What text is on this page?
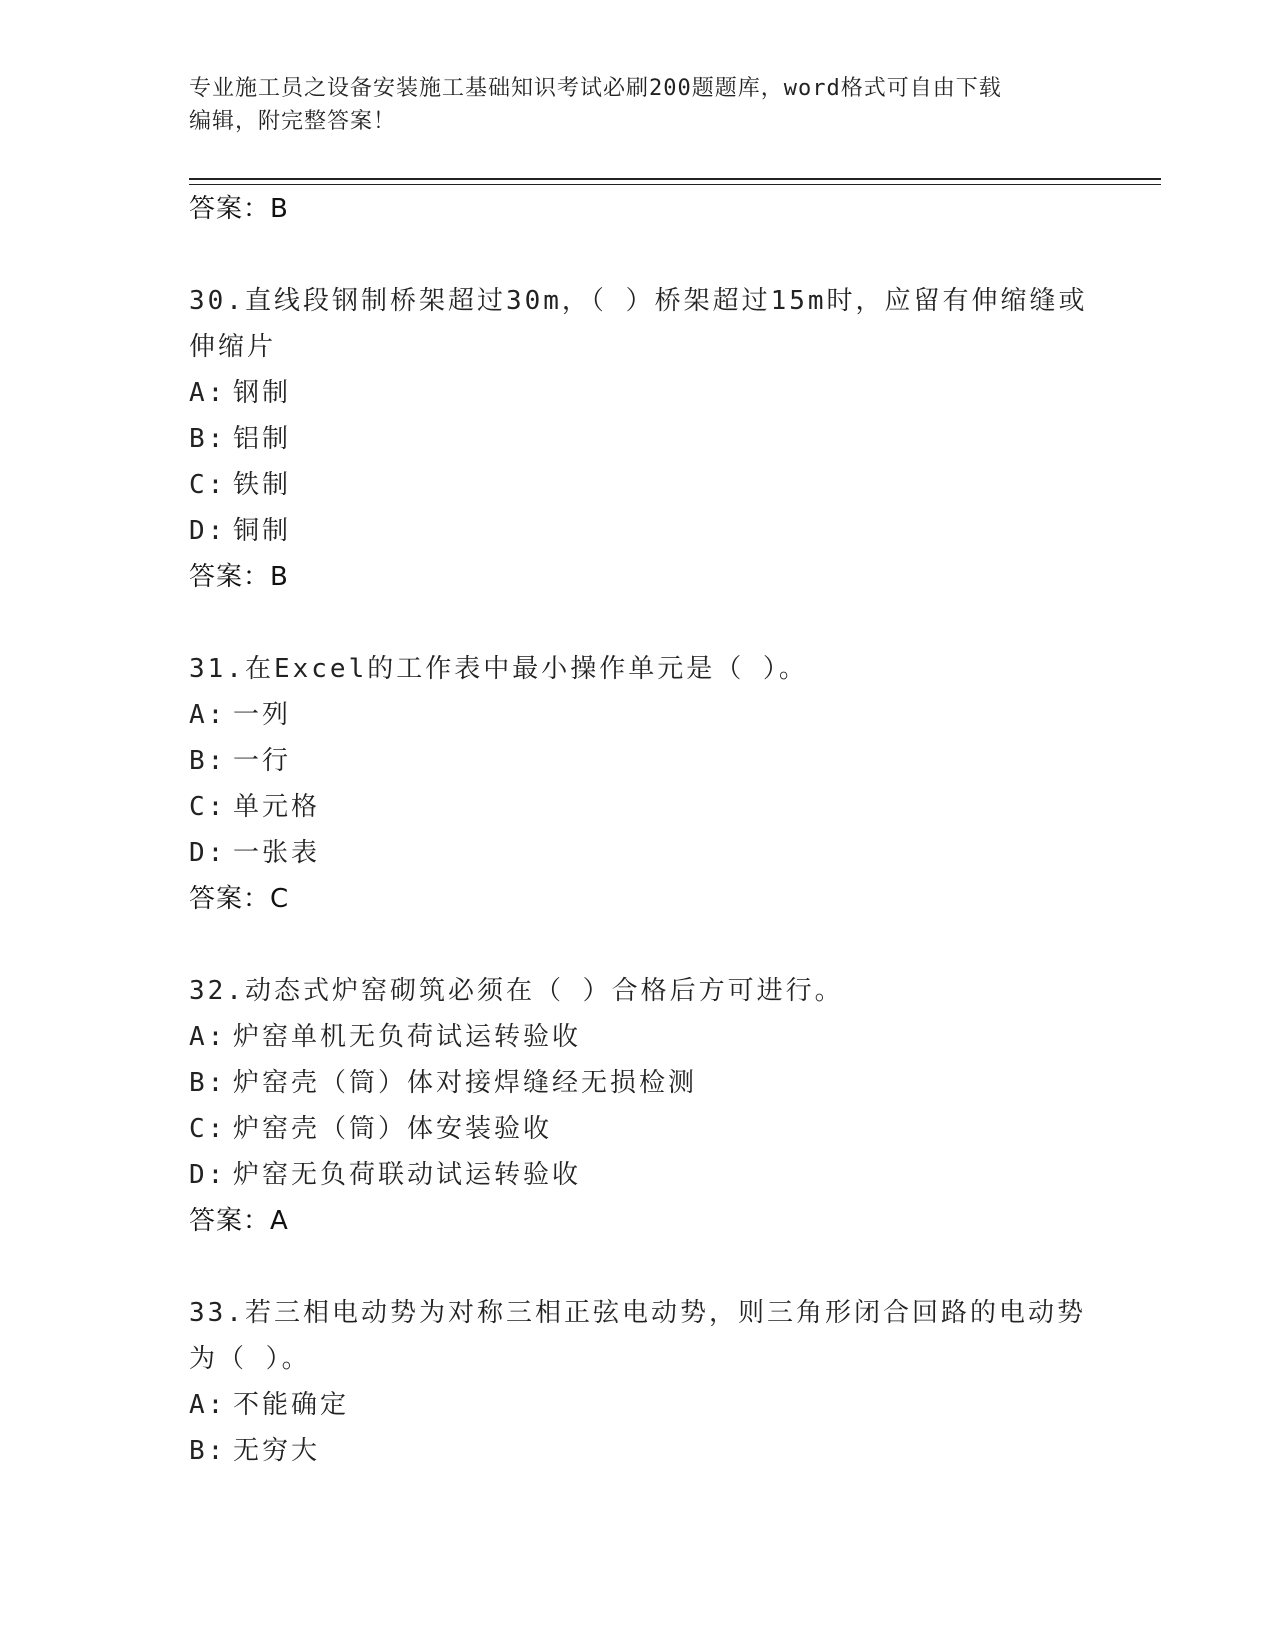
专业施工员之设备安装施工基础知识考试必刷200题题库，word格式可自由下载
编辑，附完整答案！
答案：B
30.直线段钢制桥架超过30m，（ ）桥架超过15m时，应留有伸缩缝或
伸缩片
A: 钢制
B: 铝制
C: 铁制
D: 铜制
答案：B
31.在Excel的工作表中最小操作单元是（ ）。
A: 一列
B: 一行
C: 单元格
D: 一张表
答案：C
32.动态式炉窑砌筑必须在（ ）合格后方可进行。
A: 炉窑单机无负荷试运转验收
B: 炉窑壳（筒）体对接焊缝经无损检测
C: 炉窑壳（筒）体安装验收
D: 炉窑无负荷联动试运转验收
答案：A
33.若三相电动势为对称三相正弦电动势，则三角形闭合回路的电动势
为（ ）。
A: 不能确定
B: 无穷大
